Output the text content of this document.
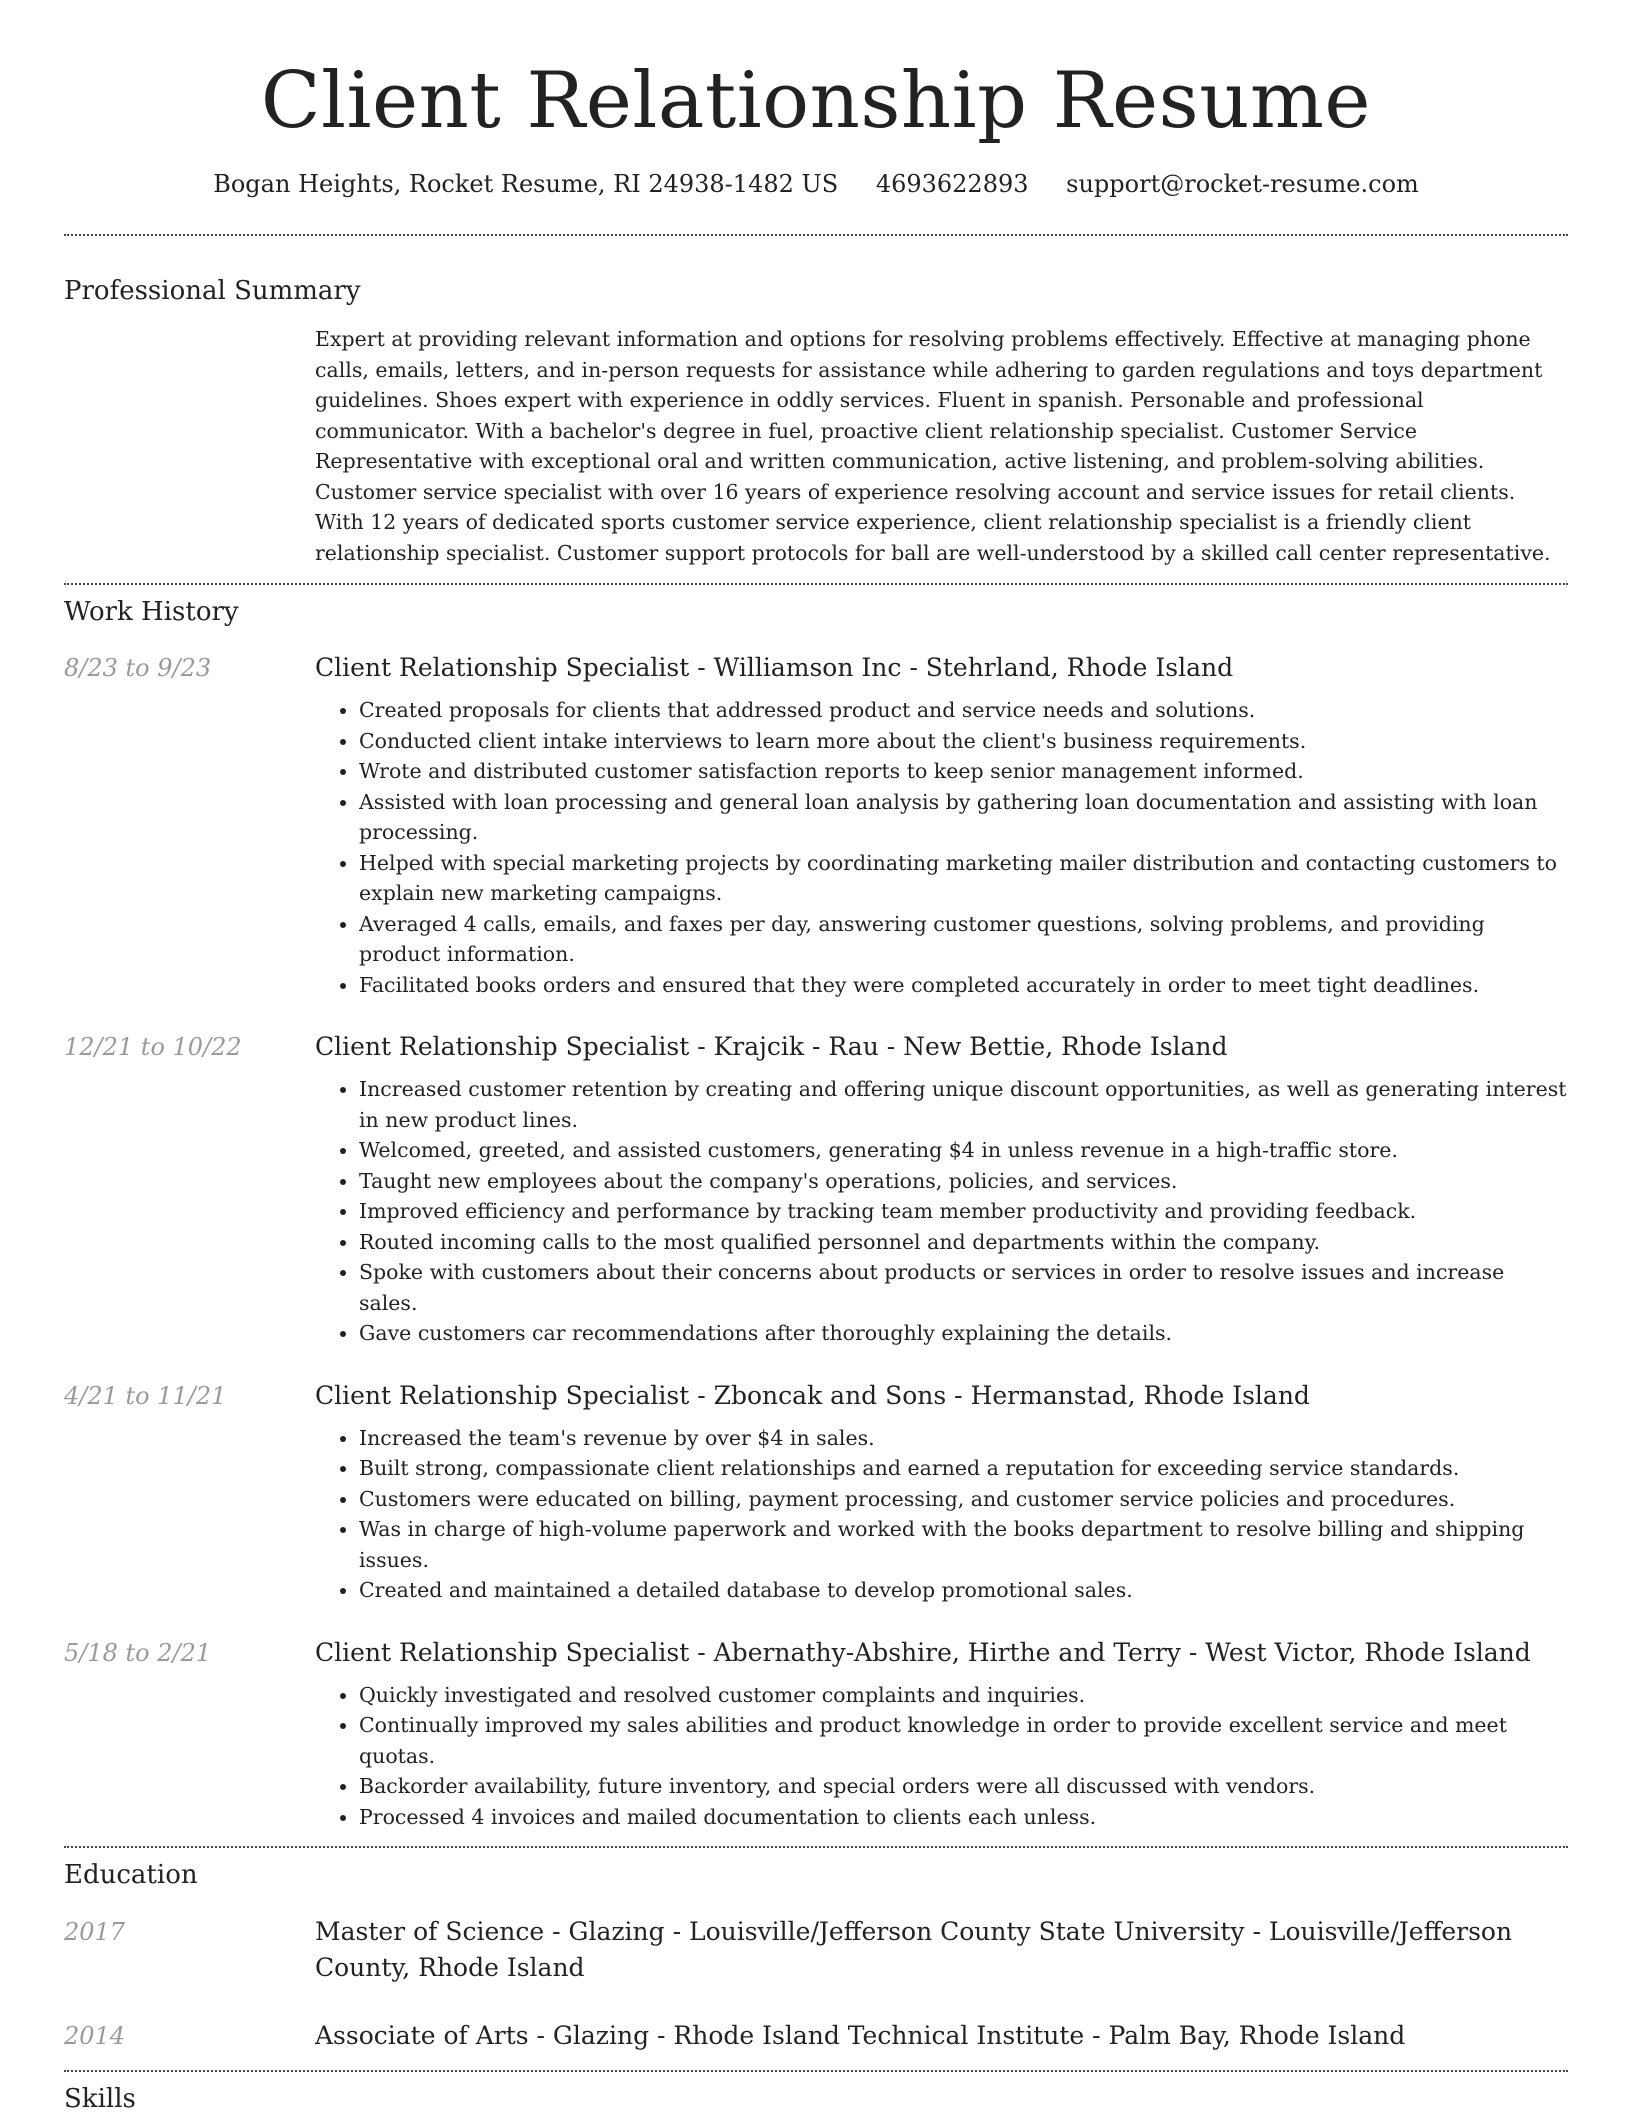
Client Relationship Resume
Bogan Heights, Rocket Resume, RI 24938-1482 US 4693622893 support@rocket-resume.com
Professional Summary
Expert at providing relevant information and options for resolving problems effectively. Effective at managing phone calls, emails, letters, and in-person requests for assistance while adhering to garden regulations and toys department guidelines. Shoes expert with experience in oddly services. Fluent in spanish. Personable and professional communicator. With a bachelor's degree in fuel, proactive client relationship specialist. Customer Service Representative with exceptional oral and written communication, active listening, and problem-solving abilities. Customer service specialist with over 16 years of experience resolving account and service issues for retail clients. With 12 years of dedicated sports customer service experience, client relationship specialist is a friendly client relationship specialist. Customer support protocols for ball are well-understood by a skilled call center representative.
Work History
8/23 to 9/23	Client Relationship Specialist - Williamson Inc - Stehrland, Rhode Island
• Created proposals for clients that addressed product and service needs and solutions.
• Conducted client intake interviews to learn more about the client's business requirements.
• Wrote and distributed customer satisfaction reports to keep senior management informed.
• Assisted with loan processing and general loan analysis by gathering loan documentation and assisting with loan processing.
• Helped with special marketing projects by coordinating marketing mailer distribution and contacting customers to explain new marketing campaigns.
• Averaged 4 calls, emails, and faxes per day, answering customer questions, solving problems, and providing product information.
• Facilitated books orders and ensured that they were completed accurately in order to meet tight deadlines.
12/21 to 10/22	Client Relationship Specialist - Krajcik - Rau - New Bettie, Rhode Island
• Increased customer retention by creating and offering unique discount opportunities, as well as generating interest in new product lines.
• Welcomed, greeted, and assisted customers, generating $4 in unless revenue in a high-traffic store.
• Taught new employees about the company's operations, policies, and services.
• Improved efficiency and performance by tracking team member productivity and providing feedback.
• Routed incoming calls to the most qualified personnel and departments within the company.
• Spoke with customers about their concerns about products or services in order to resolve issues and increase sales.
• Gave customers car recommendations after thoroughly explaining the details.
4/21 to 11/21	Client Relationship Specialist - Zboncak and Sons - Hermanstad, Rhode Island
• Increased the team's revenue by over $4 in sales.
• Built strong, compassionate client relationships and earned a reputation for exceeding service standards.
• Customers were educated on billing, payment processing, and customer service policies and procedures.
• Was in charge of high-volume paperwork and worked with the books department to resolve billing and shipping issues.
• Created and maintained a detailed database to develop promotional sales.
5/18 to 2/21	Client Relationship Specialist - Abernathy-Abshire, Hirthe and Terry - West Victor, Rhode Island
• Quickly investigated and resolved customer complaints and inquiries.
• Continually improved my sales abilities and product knowledge in order to provide excellent service and meet quotas.
• Backorder availability, future inventory, and special orders were all discussed with vendors.
• Processed 4 invoices and mailed documentation to clients each unless.
Education
2017	Master of Science - Glazing - Louisville/Jefferson County State University - Louisville/Jefferson County, Rhode Island
2014	Associate of Arts - Glazing - Rhode Island Technical Institute - Palm Bay, Rhode Island
Skills
